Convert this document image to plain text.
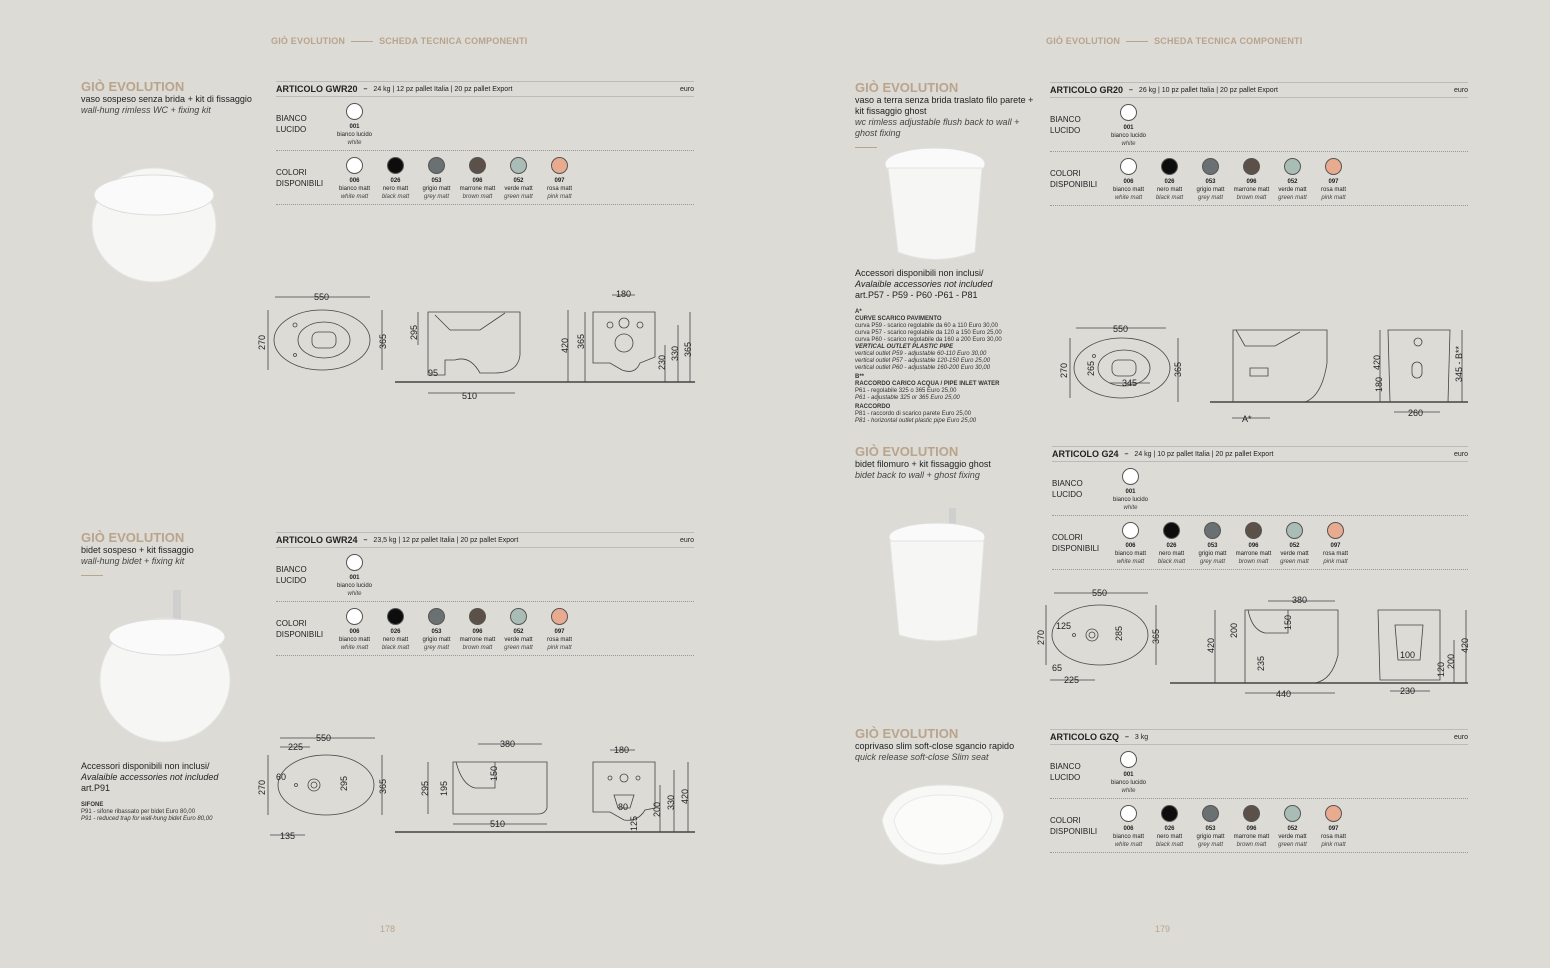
GIÒ EVOLUTION	SCHEDA TECNICA COMPONENTI
GIÒ EVOLUTION
vaso sospeso senza brida + kit di fissaggio
wall-hung rimless WC + fixing kit
ARTICOLO GWR20 – 24 kg | 12 pz pallet Italia | 20 pz pallet Export	euro
BIANCO
LUCIDO	001
bianco lucido
white
COLORI
DISPONIBILI	006
bianco matt
white matt
026
nero matt
black matt
053
grigio matt
grey matt
096
marrone matt
brown matt
052
verde matt
green matt
097
rosa matt
pink matt
550
270	365
295
95
510
420 365
180
230
330 365
GIÒ EVOLUTION
bidet sospeso + kit fissaggio
wall-hung bidet + fixing kit
Accessori disponibili non inclusi/
Avalaible accessories not included
art.P91
SIFONE
P91 - sifone ribassato per bidet Euro 80,00
P91 - reduced trap for wall-hung bidet Euro 80,00
ARTICOLO GWR24 – 23,5 kg | 12 pz pallet Italia | 20 pz pallet Export	euro
BIANCO
LUCIDO	001
bianco lucido
white
COLORI
DISPONIBILI	006
bianco matt
white matt
026
nero matt
black matt
053
grigio matt
grey matt
096
marrone matt
brown matt
052
verde matt
green matt
097
rosa matt
pink matt
550
225
270
60	295	365
135
380
150
195
295
510
180
80
125
200 330 420
178
GIÒ EVOLUTION	SCHEDA TECNICA COMPONENTI
GIÒ EVOLUTION
vaso a terra senza brida traslato filo parete + kit fissaggio ghost
wc rimless adjustable flush back to wall + ghost fixing
Accessori disponibili non inclusi/
Avalaible accessories not included
art.P57 - P59 - P60 -P61 - P81
A*
CURVE SCARICO PAVIMENTO
curva P59 - scarico regolabile da 60 a 110 Euro 30,00
curva P57 - scarico regolabile da 120 a 150 Euro 25,00
curva P60 - scarico regolabile da 160 a 200 Euro 30,00
VERTICAL OUTLET PLASTIC PIPE
vertical outlet P59 - adjustable 60-110 Euro 30,00
vertical outlet P57 - adjustable 120-150 Euro 25,00
vertical outlet P60 - adjustable 160-200 Euro 30,00
B**
RACCORDO CARICO ACQUA / PIPE INLET WATER
P61 - regolabile 325 o 365 Euro 25,00
P61 - adjustable 325 or 365 Euro 25,00
RACCORDO
P81 - raccordo di scarico parete Euro 25,00
P81 - horizontal outlet plastic pipe Euro 25,00
ARTICOLO GR20 – 26 kg | 10 pz pallet Italia | 20 pz pallet Export	euro
BIANCO
LUCIDO	001
bianco lucido
white
COLORI
DISPONIBILI	006
bianco matt
white matt
026
nero matt
black matt
053
grigio matt
grey matt
096
marrone matt
brown matt
052
verde matt
green matt
097
rosa matt
pink matt
550
270 265
345
365
A*
420
180
345 - B**
260
GIÒ EVOLUTION
bidet filomuro + kit fissaggio ghost
bidet back to wall + ghost fixing
ARTICOLO G24 – 24 kg | 10 pz pallet Italia | 20 pz pallet Export	euro
BIANCO
LUCIDO	001
bianco lucido
white
COLORI
DISPONIBILI	006
bianco matt
white matt
026
nero matt
black matt
053
grigio matt
grey matt
096
marrone matt
brown matt
052
verde matt
green matt
097
rosa matt
pink matt
550
270
125	285	365
65
225
380
150
200
420
235
440
100
120
200
420
230
GIÒ EVOLUTION
coprivaso slim soft-close sgancio rapido
quick release soft-close Slim seat
ARTICOLO GZQ – 3 kg	euro
BIANCO
LUCIDO	001
bianco lucido
white
COLORI
DISPONIBILI	006
bianco matt
white matt
026
nero matt
black matt
053
grigio matt
grey matt
096
marrone matt
brown matt
052
verde matt
green matt
097
rosa matt
pink matt
179
